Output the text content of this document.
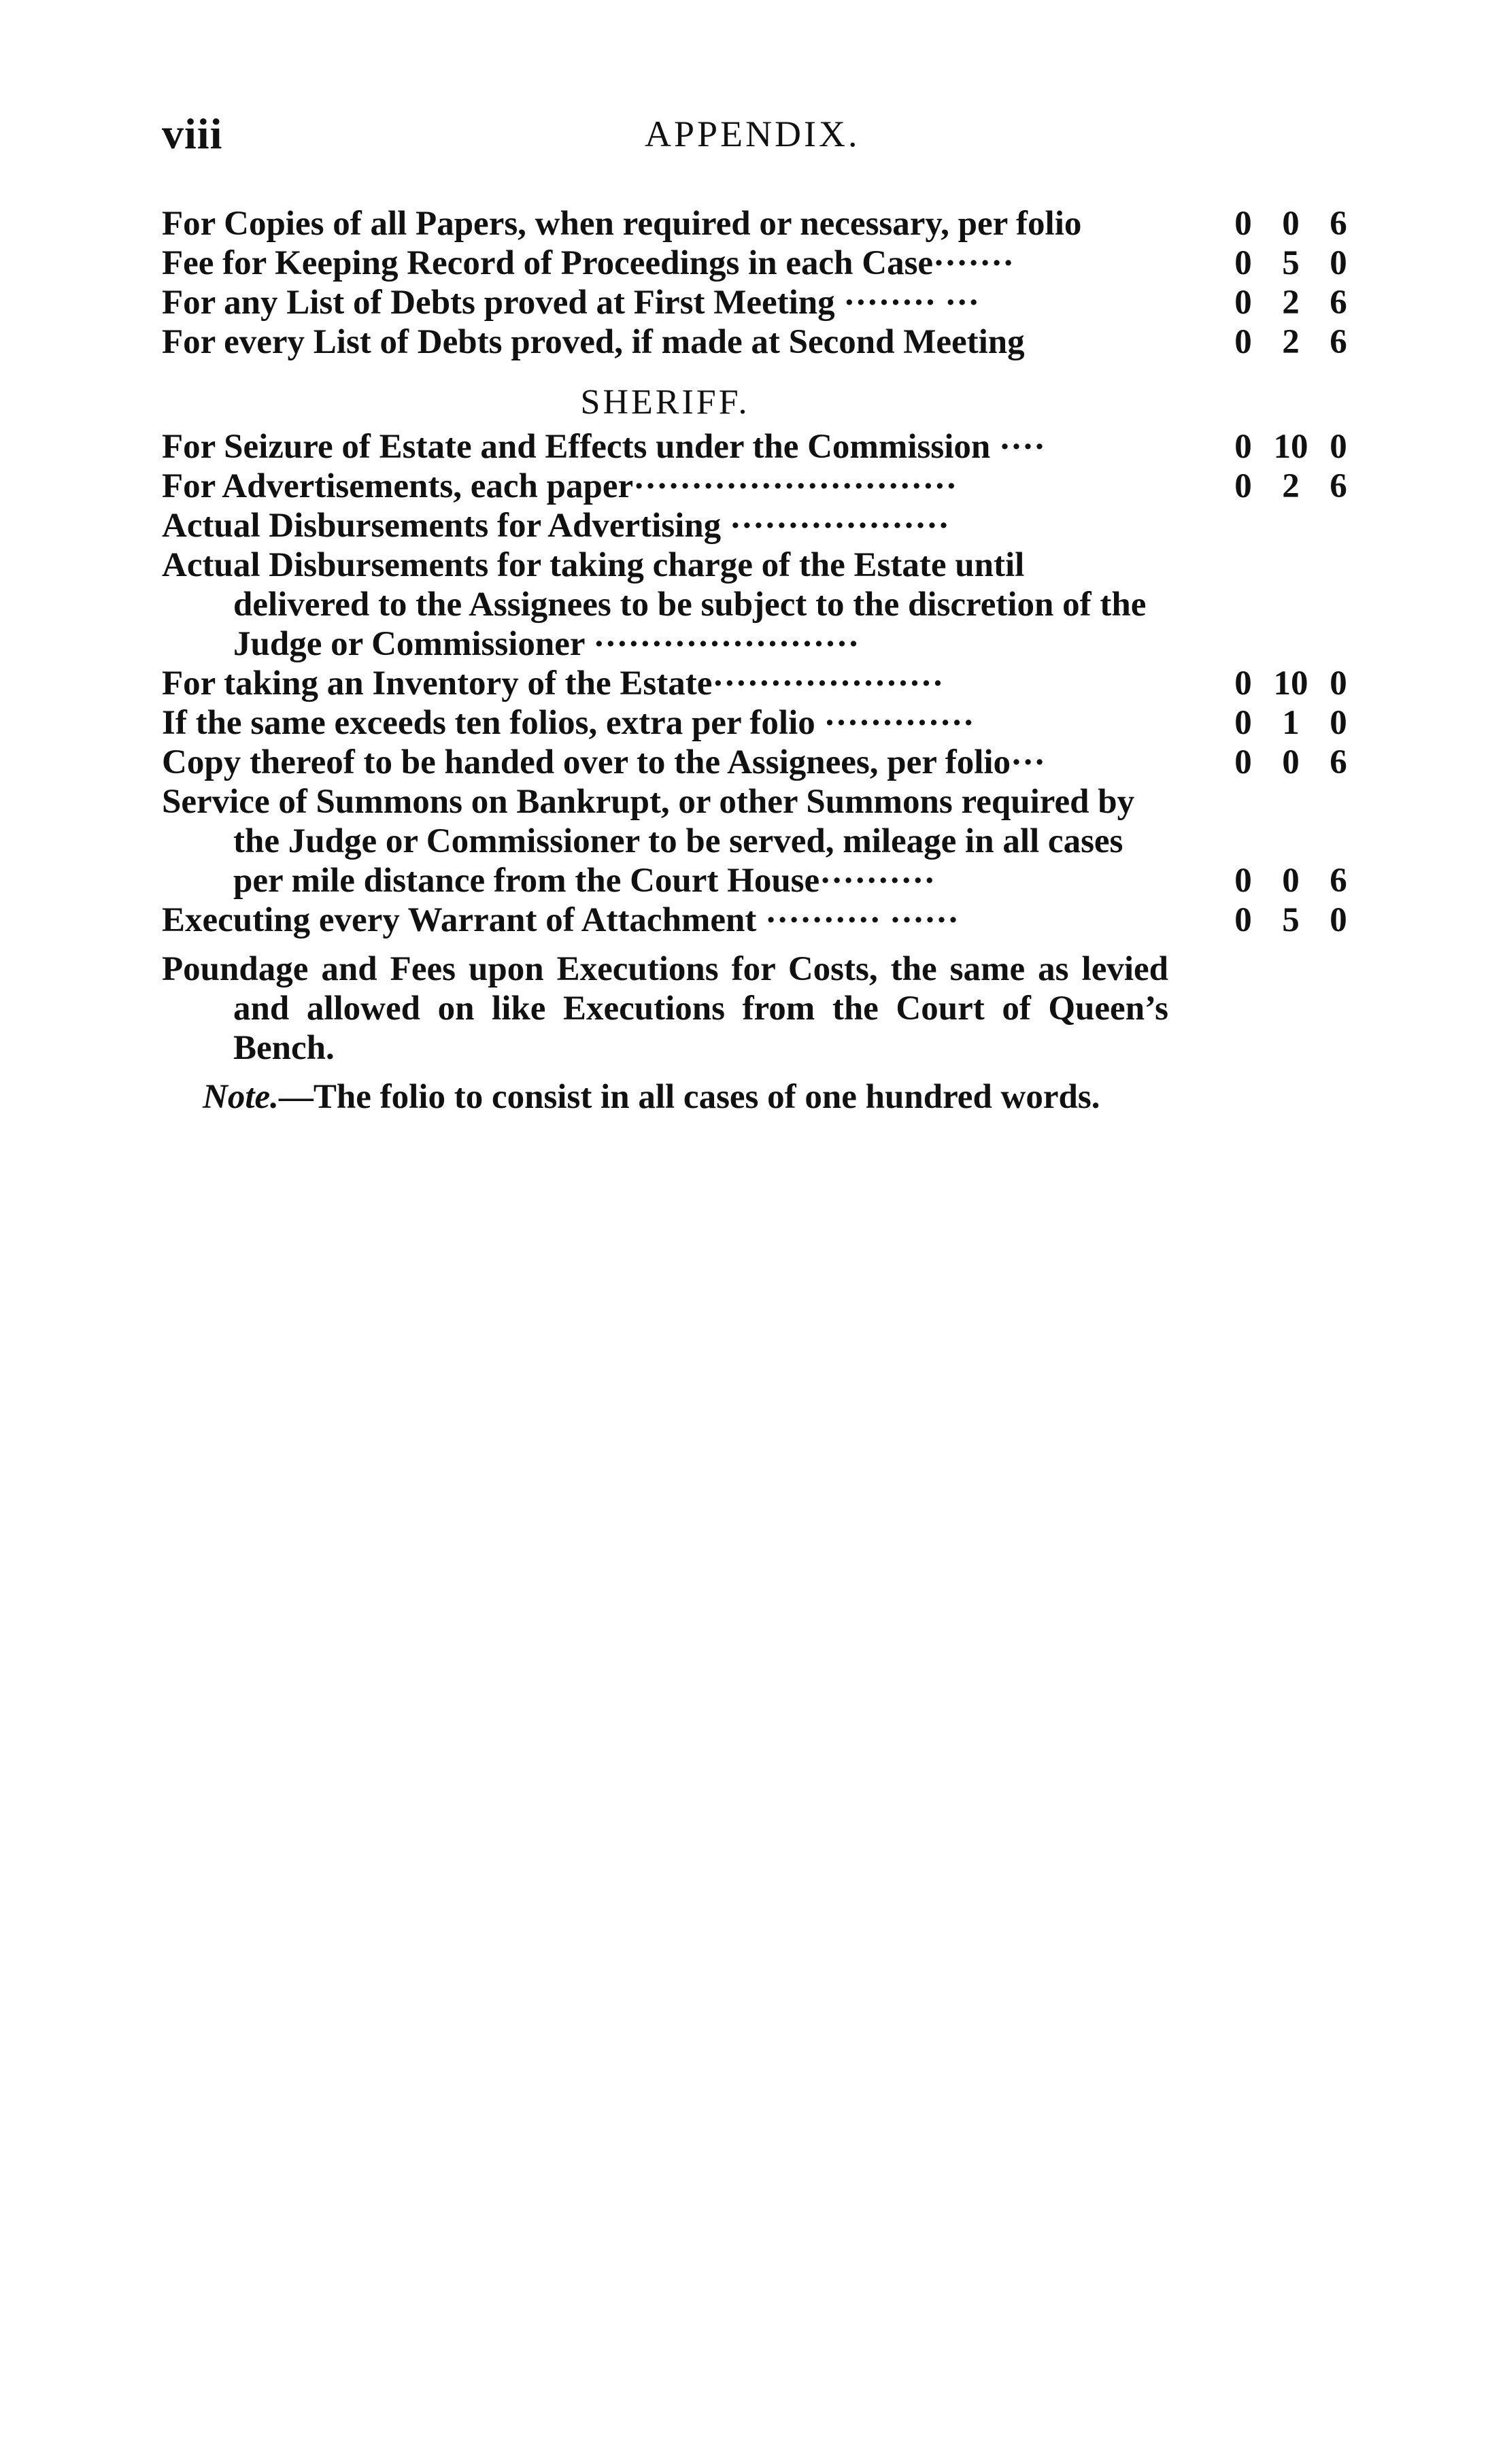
viii	APPENDIX.
For Copies of all Papers, when required or necessary, per folio	0 0 6
Fee for Keeping Record of Proceedings in each Case·······	0 5 0
For any List of Debts proved at First Meeting ········ ···	0 2 6
For every List of Debts proved, if made at Second Meeting	0 2 6
SHERIFF.
For Seizure of Estate and Effects under the Commission ····	0 10 0
For Advertisements, each paper····························	0 2 6
Actual Disbursements for Advertising ···················
Actual Disbursements for taking charge of the Estate until delivered to the Assignees to be subject to the discretion of the Judge or Commissioner ·······················
For taking an Inventory of the Estate····················	0 10 0
If the same exceeds ten folios, extra per folio ·············	0 1 0
Copy thereof to be handed over to the Assignees, per folio···	0 0 6
Service of Summons on Bankrupt, or other Summons required by the Judge or Commissioner to be served, mileage in all cases per mile distance from the Court House··········	0 0 6
Executing every Warrant of Attachment ·········· ······	0 5 0
Poundage and Fees upon Executions for Costs, the same as levied and allowed on like Executions from the Court of Queen’s Bench.
Note.—The folio to consist in all cases of one hundred words.
